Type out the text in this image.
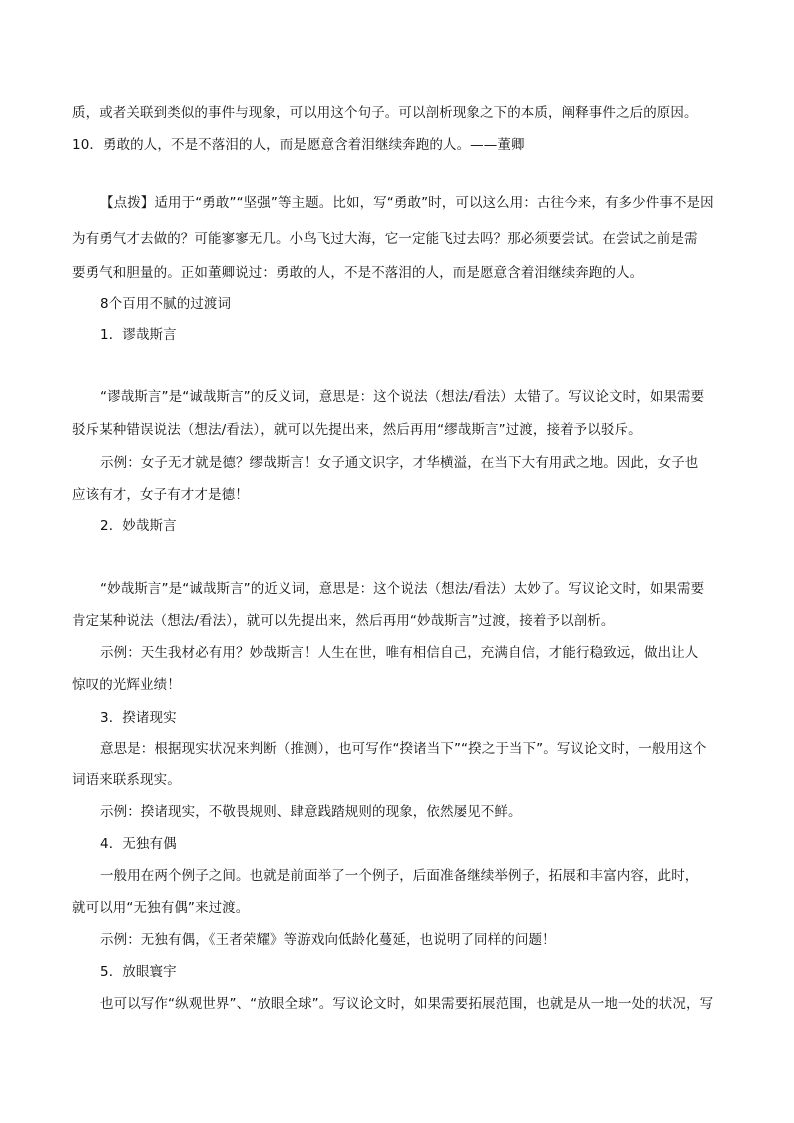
质，或者关联到类似的事件与现象，可以用这个句子。可以剖析现象之下的本质，阐释事件之后的原因。
10．勇敢的人，不是不落泪的人，而是愿意含着泪继续奔跑的人。——董卿
【点拨】适用于“勇敢”“坚强”等主题。比如，写“勇敢”时，可以这么用：古往今来，有多少件事不是因
为有勇气才去做的？可能寥寥无几。小鸟飞过大海，它一定能飞过去吗？那必须要尝试。在尝试之前是需
要勇气和胆量的。正如董卿说过：勇敢的人，不是不落泪的人，而是愿意含着泪继续奔跑的人。
8个百用不腻的过渡词
1．谬哉斯言
“谬哉斯言”是“诚哉斯言”的反义词，意思是：这个说法（想法/看法）太错了。写议论文时，如果需要
驳斥某种错误说法（想法/看法），就可以先提出来，然后再用“缪哉斯言”过渡，接着予以驳斥。
示例：女子无才就是德？缪哉斯言！女子通文识字，才华横溢，在当下大有用武之地。因此，女子也
应该有才，女子有才才是德！
2．妙哉斯言
“妙哉斯言”是“诚哉斯言”的近义词，意思是：这个说法（想法/看法）太妙了。写议论文时，如果需要
肯定某种说法（想法/看法），就可以先提出来，然后再用“妙哉斯言”过渡，接着予以剖析。
示例：天生我材必有用？妙哉斯言！人生在世，唯有相信自己，充满自信，才能行稳致远，做出让人
惊叹的光辉业绩！
3．揆诸现实
意思是：根据现实状况来判断（推测），也可写作“揆诸当下”“揆之于当下”。写议论文时，一般用这个
词语来联系现实。
示例：揆诸现实，不敬畏规则、肆意践踏规则的现象，依然屡见不鲜。
4．无独有偶
一般用在两个例子之间。也就是前面举了一个例子，后面准备继续举例子，拓展和丰富内容，此时，
就可以用“无独有偶”来过渡。
示例：无独有偶，《王者荣耀》等游戏向低龄化蔓延，也说明了同样的问题！
5．放眼寰宇
也可以写作“纵观世界”、“放眼全球”。写议论文时，如果需要拓展范围，也就是从一地一处的状况，写
